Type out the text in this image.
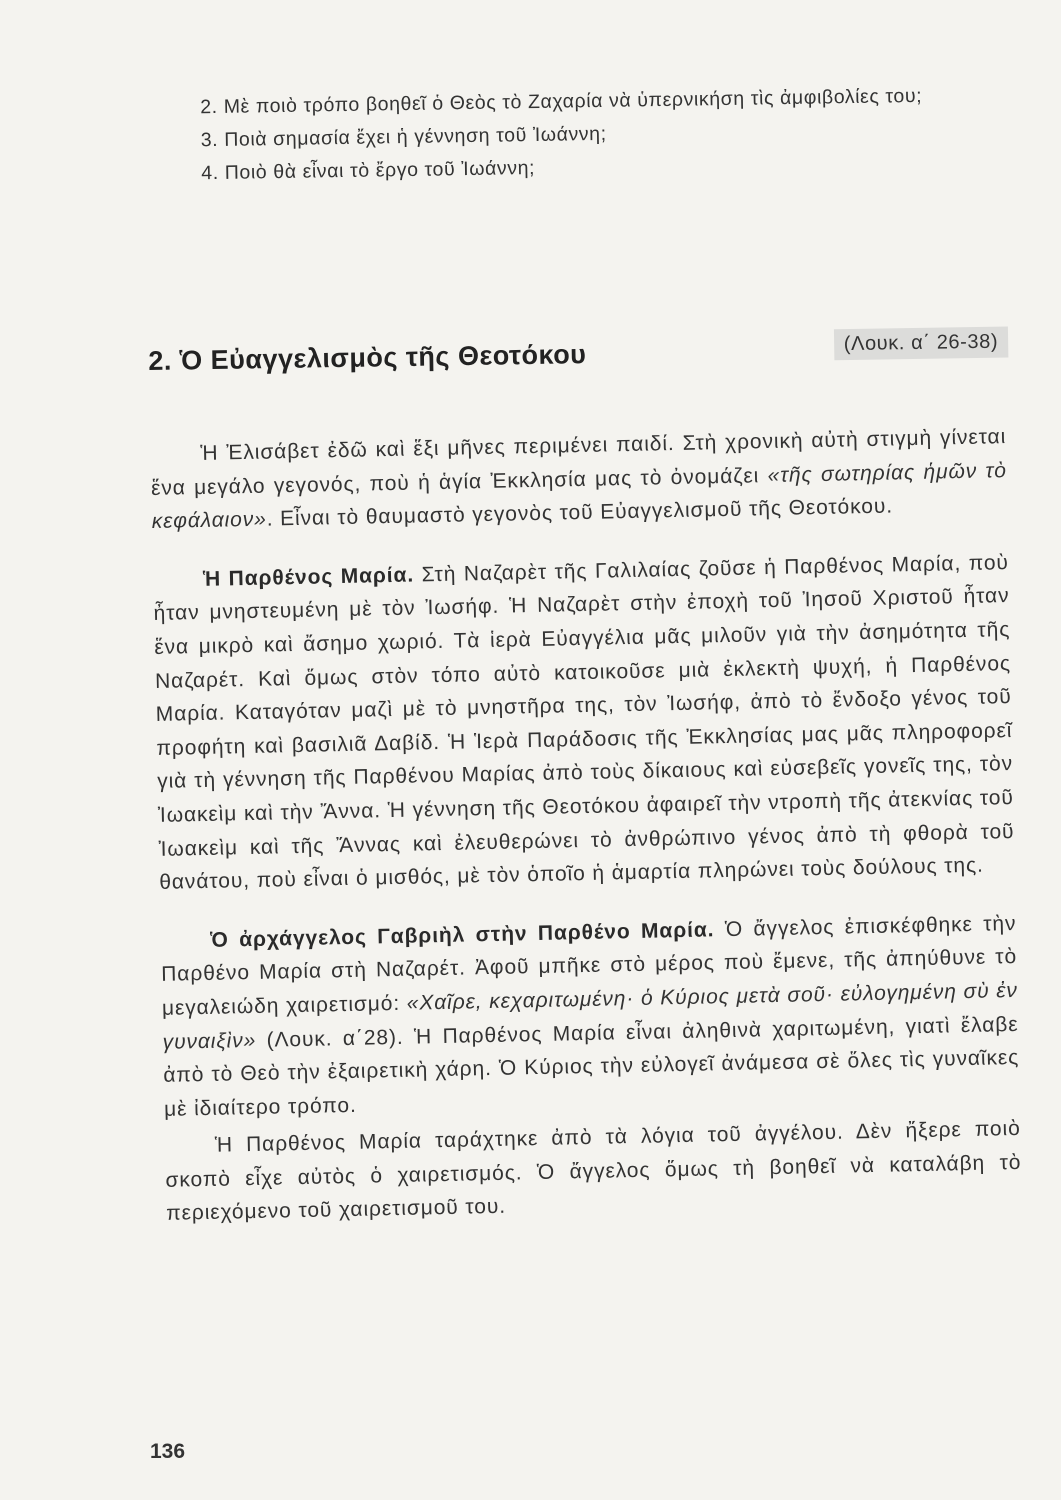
2. Μὲ ποιὸ τρόπο βοηθεῖ ὁ Θεὸς τὸ Ζαχαρία νὰ ὑπερνικήση τὶς ἀμφιβολίες του;

3. Ποιὰ σημασία ἔχει ἡ γέννηση τοῦ Ἰωάννη;

4. Ποιὸ θὰ εἶναι τὸ ἔργο τοῦ Ἰωάννη;

2. Ὁ Εὐαγγελισμὸς τῆς Θεοτόκου	(Λουκ. α΄ 26-38)

Ἡ Ἐλισάβετ ἐδῶ καὶ ἕξι μῆνες περιμένει παιδί. Στὴ χρονικὴ αὐτὴ στιγμὴ γίνεται ἕνα μεγάλο γεγονός, ποὺ ἡ ἁγία Ἐκκλησία μας τὸ ὀνομάζει «τῆς σωτηρίας ἡμῶν τὸ κεφάλαιον». Εἶναι τὸ θαυμαστὸ γεγονὸς τοῦ Εὐαγγελισμοῦ τῆς Θεοτόκου.

Ἡ Παρθένος Μαρία. Στὴ Ναζαρὲτ τῆς Γαλιλαίας ζοῦσε ἡ Παρθένος Μαρία, ποὺ ἦταν μνηστευμένη μὲ τὸν Ἰωσήφ. Ἡ Ναζαρὲτ στὴν ἐποχὴ τοῦ Ἰησοῦ Χριστοῦ ἦταν ἕνα μικρὸ καὶ ἄσημο χωριό. Τὰ ἱερὰ Εὐαγγέλια μᾶς μιλοῦν γιὰ τὴν ἀσημότητα τῆς Ναζαρέτ. Καὶ ὅμως στὸν τόπο αὐτὸ κατοικοῦσε μιὰ ἐκλεκτὴ ψυχή, ἡ Παρθένος Μαρία. Καταγόταν μαζὶ μὲ τὸ μνηστῆρα της, τὸν Ἰωσήφ, ἀπὸ τὸ ἔνδοξο γένος τοῦ προφήτη καὶ βασιλιᾶ Δαβίδ. Ἡ Ἱερὰ Παράδοσις τῆς Ἐκκλησίας μας μᾶς πληροφορεῖ γιὰ τὴ γέννηση τῆς Παρθένου Μαρίας ἀπὸ τοὺς δίκαιους καὶ εὐσεβεῖς γονεῖς της, τὸν Ἰωακεὶμ καὶ τὴν Ἄννα. Ἡ γέννηση τῆς Θεοτόκου ἀφαιρεῖ τὴν ντροπὴ τῆς ἀτεκνίας τοῦ Ἰωακεὶμ καὶ τῆς Ἄννας καὶ ἐλευθερώνει τὸ ἀνθρώπινο γένος ἀπὸ τὴ φθορὰ τοῦ θανάτου, ποὺ εἶναι ὁ μισθός, μὲ τὸν ὁποῖο ἡ ἁμαρτία πληρώνει τοὺς δούλους της.

Ὁ ἀρχάγγελος Γαβριὴλ στὴν Παρθένο Μαρία. Ὁ ἄγγελος ἐπισκέφθηκε τὴν Παρθένο Μαρία στὴ Ναζαρέτ. Ἀφοῦ μπῆκε στὸ μέρος ποὺ ἔμενε, τῆς ἀπηύθυνε τὸ μεγαλειώδη χαιρετισμό: «Χαῖρε, κεχαριτωμένη· ὁ Κύριος μετὰ σοῦ· εὐλογημένη σὺ ἐν γυναιξὶν» (Λουκ. α΄28). Ἡ Παρθένος Μαρία εἶναι ἀληθινὰ χαριτωμένη, γιατὶ ἔλαβε ἀπὸ τὸ Θεὸ τὴν ἐξαιρετικὴ χάρη. Ὁ Κύριος τὴν εὐλογεῖ ἀνάμεσα σὲ ὅλες τὶς γυναῖκες μὲ ἰδιαίτερο τρόπο.

Ἡ Παρθένος Μαρία ταράχτηκε ἀπὸ τὰ λόγια τοῦ ἀγγέλου. Δὲν ἤξερε ποιὸ σκοπὸ εἶχε αὐτὸς ὁ χαιρετισμός. Ὁ ἄγγελος ὅμως τὴ βοηθεῖ νὰ καταλάβη τὸ περιεχόμενο τοῦ χαιρετισμοῦ του.

136
